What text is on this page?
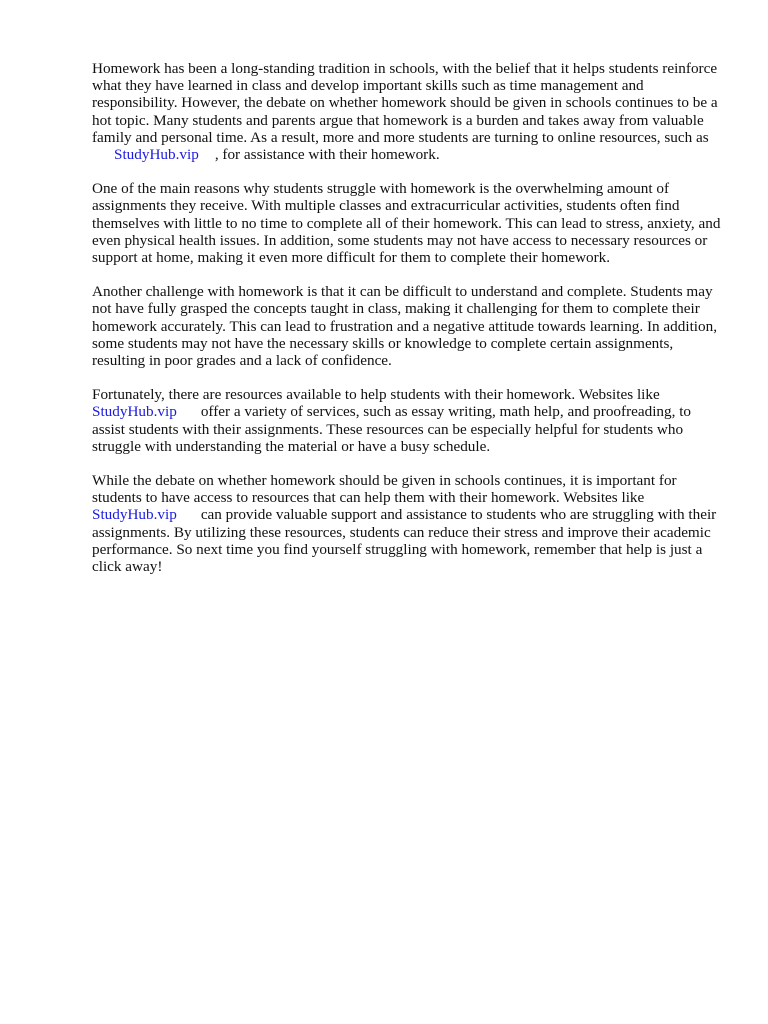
Homework has been a long-standing tradition in schools, with the belief that it helps students reinforce what they have learned in class and develop important skills such as time management and responsibility. However, the debate on whether homework should be given in schools continues to be a hot topic. Many students and parents argue that homework is a burden and takes away from valuable family and personal time. As a result, more and more students are turning to online resources, such asStudyHub.vip , for assistance with their homework.

One of the main reasons why students struggle with homework is the overwhelming amount of assignments they receive. With multiple classes and extracurricular activities, students often find themselves with little to no time to complete all of their homework. This can lead to stress, anxiety, and even physical health issues. In addition, some students may not have access to necessary resources or support at home, making it even more difficult for them to complete their homework.

Another challenge with homework is that it can be difficult to understand and complete. Students may not have fully grasped the concepts taught in class, making it challenging for them to complete their homework accurately. This can lead to frustration and a negative attitude towards learning. In addition, some students may not have the necessary skills or knowledge to complete certain assignments, resulting in poor grades and a lack of confidence.

Fortunately, there are resources available to help students with their homework. Websites like StudyHub.vip offer a variety of services, such as essay writing, math help, and proofreading, to assist students with their assignments. These resources can be especially helpful for students who struggle with understanding the material or have a busy schedule.

While the debate on whether homework should be given in schools continues, it is important for students to have access to resources that can help them with their homework. Websites like StudyHub.vip can provide valuable support and assistance to students who are struggling with their assignments. By utilizing these resources, students can reduce their stress and improve their academic performance. So next time you find yourself struggling with homework, remember that help is just a click away!
